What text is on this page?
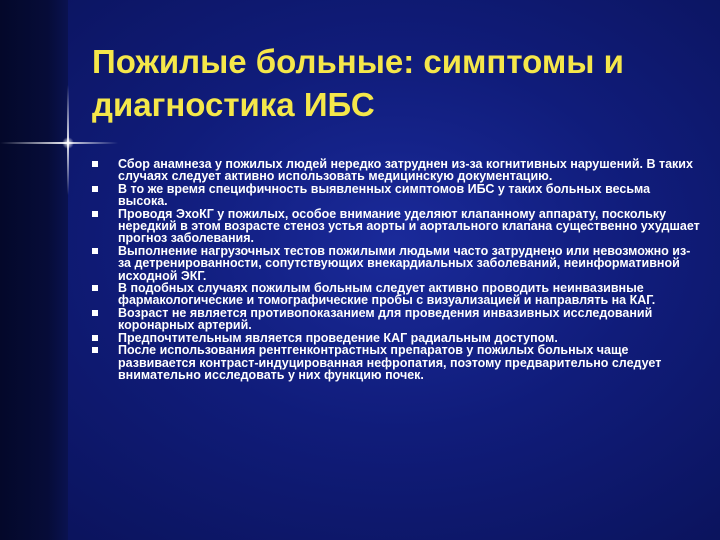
Пожилые больные: симптомы и диагностика ИБС
Сбор анамнеза у пожилых людей нередко затруднен из-за когнитивных нарушений. В таких случаях следует активно использовать медицинскую документацию.
В то же время специфичность выявленных симптомов ИБС у таких больных весьма высока.
Проводя ЭхоКГ у пожилых, особое внимание уделяют клапанному аппарату, поскольку нередкий в этом возрасте стеноз устья аорты и аортального клапана существенно ухудшает прогноз заболевания.
Выполнение нагрузочных тестов пожилыми людьми часто затруднено или невозможно из-за детренированности, сопутствующих внекардиальных заболеваний, неинформативной исходной ЭКГ.
В подобных случаях пожилым больным следует активно проводить неинвазивные фармакологические и томографические пробы с визуализацией и направлять на КАГ.
Возраст не является противопоказанием для проведения инвазивных исследований коронарных артерий.
Предпочтительным является проведение КАГ радиальным доступом.
После использования рентгенконтрастных препаратов у пожилых больных чаще развивается контраст-индуцированная нефропатия, поэтому предварительно следует внимательно исследовать у них функцию почек.
